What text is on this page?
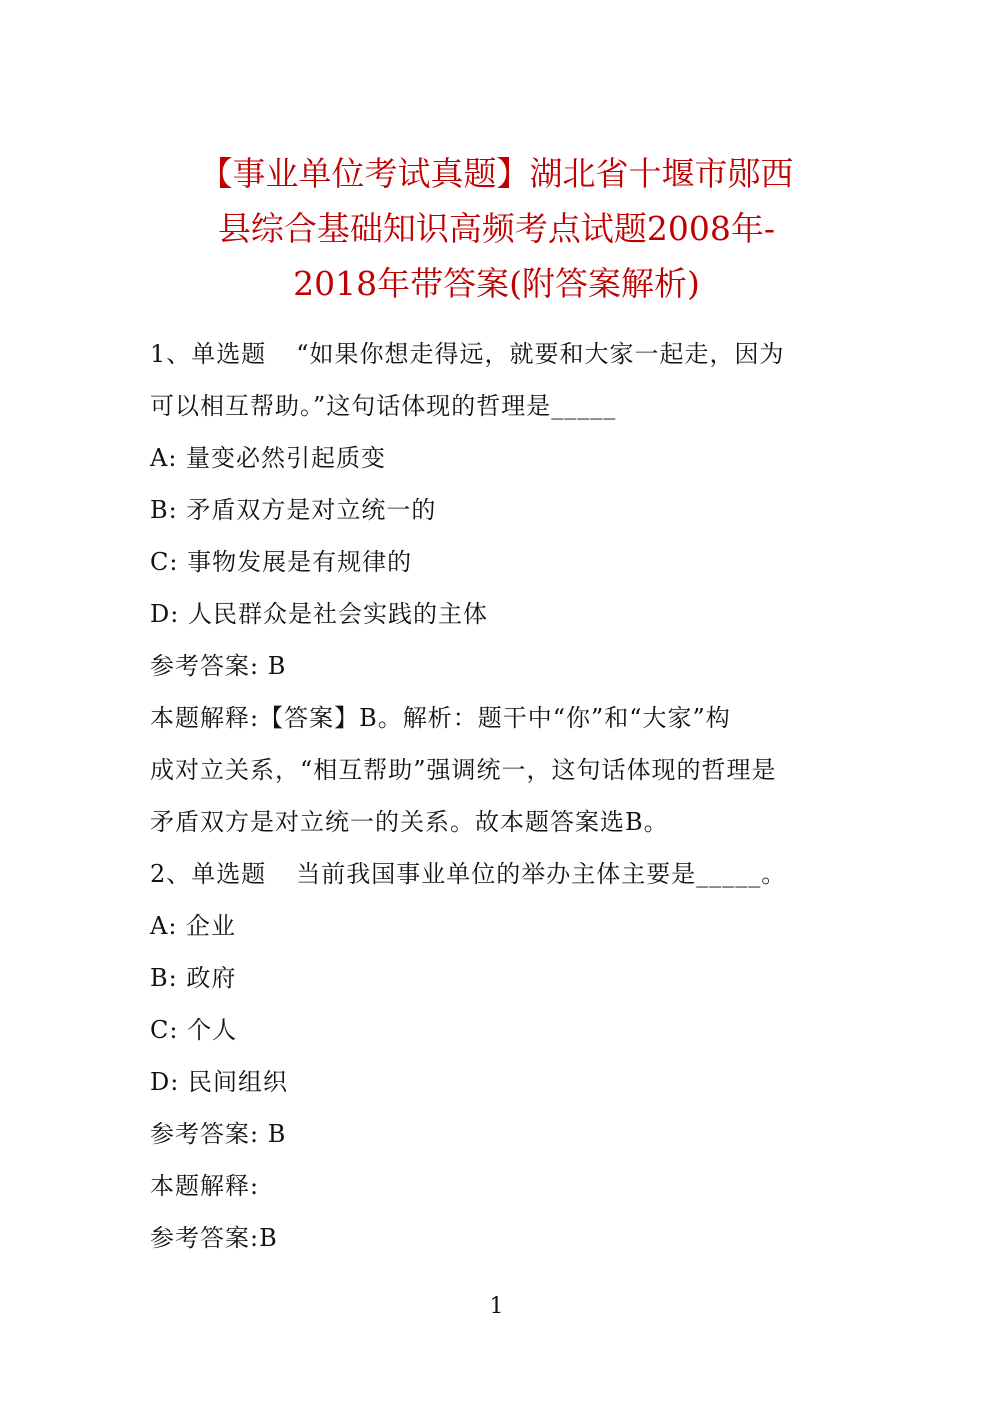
【事业单位考试真题】湖北省十堰市郧西
县综合基础知识高频考点试题2008年-
2018年带答案(附答案解析)
1、单选题 “如果你想走得远，就要和大家一起走，因为
可以相互帮助。”这句话体现的哲理是_____
A: 量变必然引起质变
B: 矛盾双方是对立统一的
C: 事物发展是有规律的
D: 人民群众是社会实践的主体
参考答案: B
本题解释:【答案】B。解析：题干中“你”和“大家”构
成对立关系，“相互帮助”强调统一，这句话体现的哲理是
矛盾双方是对立统一的关系。故本题答案选B。
2、单选题 当前我国事业单位的举办主体主要是_____。
A: 企业
B: 政府
C: 个人
D: 民间组织
参考答案: B
本题解释:
参考答案:B
1
